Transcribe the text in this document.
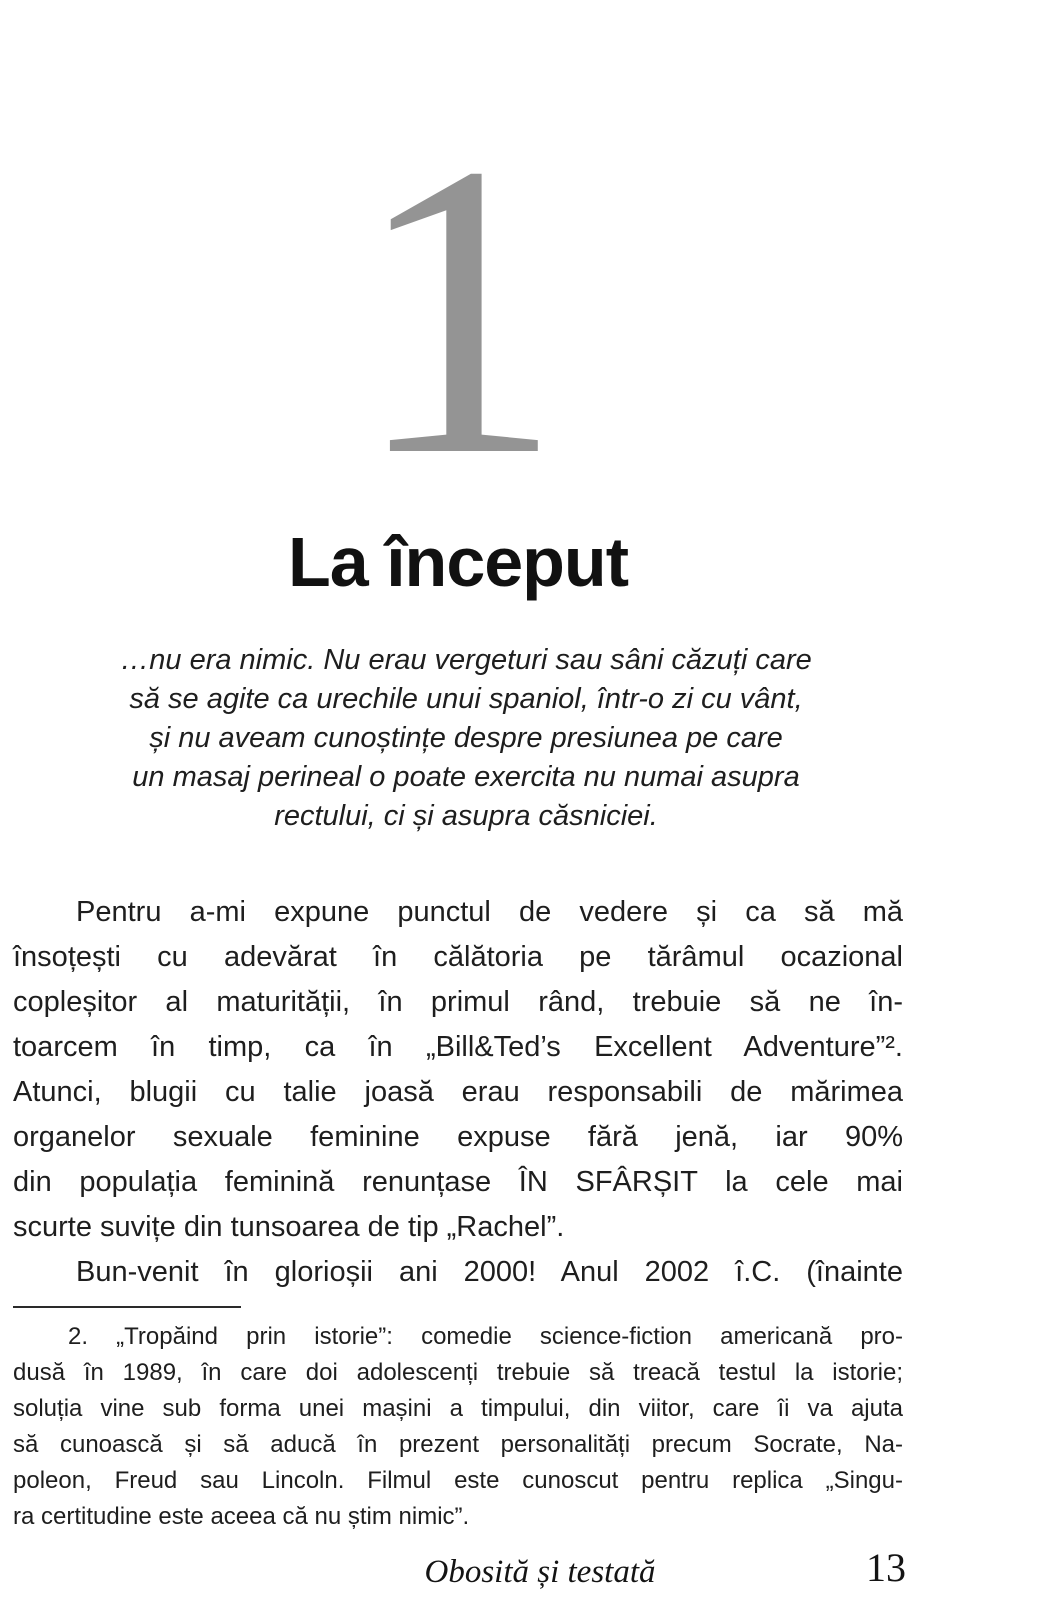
1
La început
…nu era nimic. Nu erau vergeturi sau sâni căzuți care
să se agite ca urechile unui spaniol, într-o zi cu vânt,
și nu aveam cunoștințe despre presiunea pe care
un masaj perineal o poate exercita nu numai asupra
rectului, ci și asupra căsniciei.
Pentru a-mi expune punctul de vedere și ca să mă
însoțești cu adevărat în călătoria pe tărâmul ocazional
copleșitor al maturității, în primul rând, trebuie să ne în-
toarcem în timp, ca în „Bill&Ted’s Excellent Adventure”².
Atunci, blugii cu talie joasă erau responsabili de mărimea
organelor sexuale feminine expuse fără jenă, iar 90%
din populația feminină renunțase ÎN SFÂRȘIT la cele mai
scurte suvițe din tunsoarea de tip „Rachel”.
Bun-venit în glorioșii ani 2000! Anul 2002 î.C. (înainte
2. „Tropăind prin istorie”: comedie science-fiction americană pro-
dusă în 1989, în care doi adolescenți trebuie să treacă testul la istorie;
soluția vine sub forma unei mașini a timpului, din viitor, care îi va ajuta
să cunoască și să aducă în prezent personalități precum Socrate, Na-
poleon, Freud sau Lincoln. Filmul este cunoscut pentru replica „Singu-
ra certitudine este aceea că nu știm nimic”.
Obosită și testată	13
